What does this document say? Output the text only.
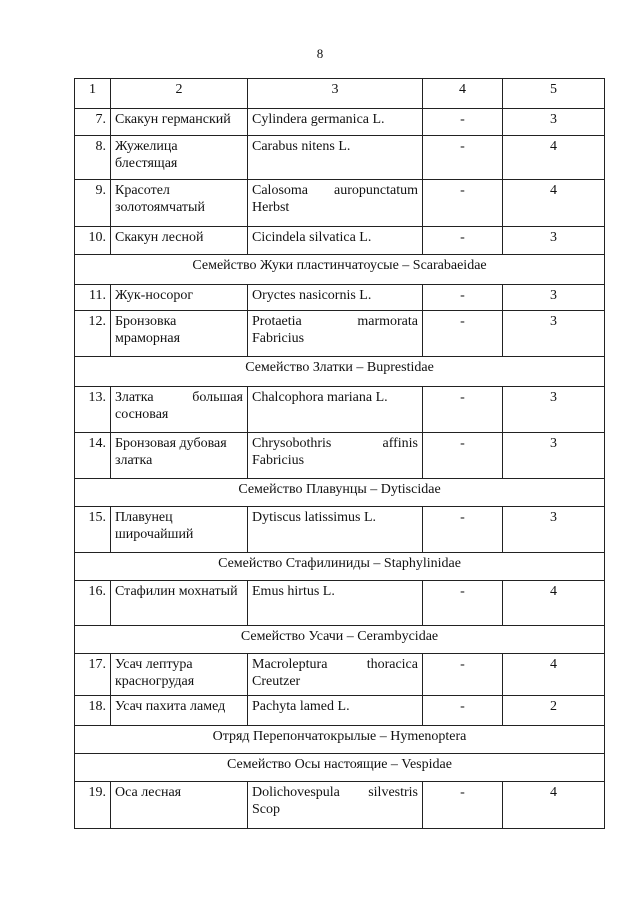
8
1	2	3	4	5
7.	Скакун германский	Cylindera germanica L.	-	3
8.	Жужелица блестящая	Carabus nitens L.	-	4
9.	Красотел золотоямчатый	Calosoma auropunctatum Herbst	-	4
10.	Скакун лесной	Cicindela silvatica L.	-	3
Семейство Жуки пластинчатоусые – Scarabaeidae				
11.	Жук-носорог	Oryctes nasicornis L.	-	3
12.	Бронзовка мраморная	Protaetia marmorata Fabricius	-	3
Семейство Златки – Buprestidae				
13.	Златка большая сосновая	Chalcophora mariana L.	-	3
14.	Бронзовая дубовая златка	Chrysobothris affinis Fabricius	-	3
Семейство Плавунцы – Dytiscidae				
15.	Плавунец широчайший	Dytiscus latissimus L.	-	3
Семейство Стафилиниды – Staphylinidae				
16.	Стафилин мохнатый	Emus hirtus L.	-	4
Семейство Усачи – Cerambycidae				
17.	Усач лептура красногрудая	Macroleptura thoracica Creutzer	-	4
18.	Усач пахита ламед	Pachyta lamed L.	-	2
Отряд Перепончатокрылые – Hymenoptera				
Семейство Осы настоящие – Vespidae				
19.	Оса лесная	Dolichovespula silvestris Scop	-	4
